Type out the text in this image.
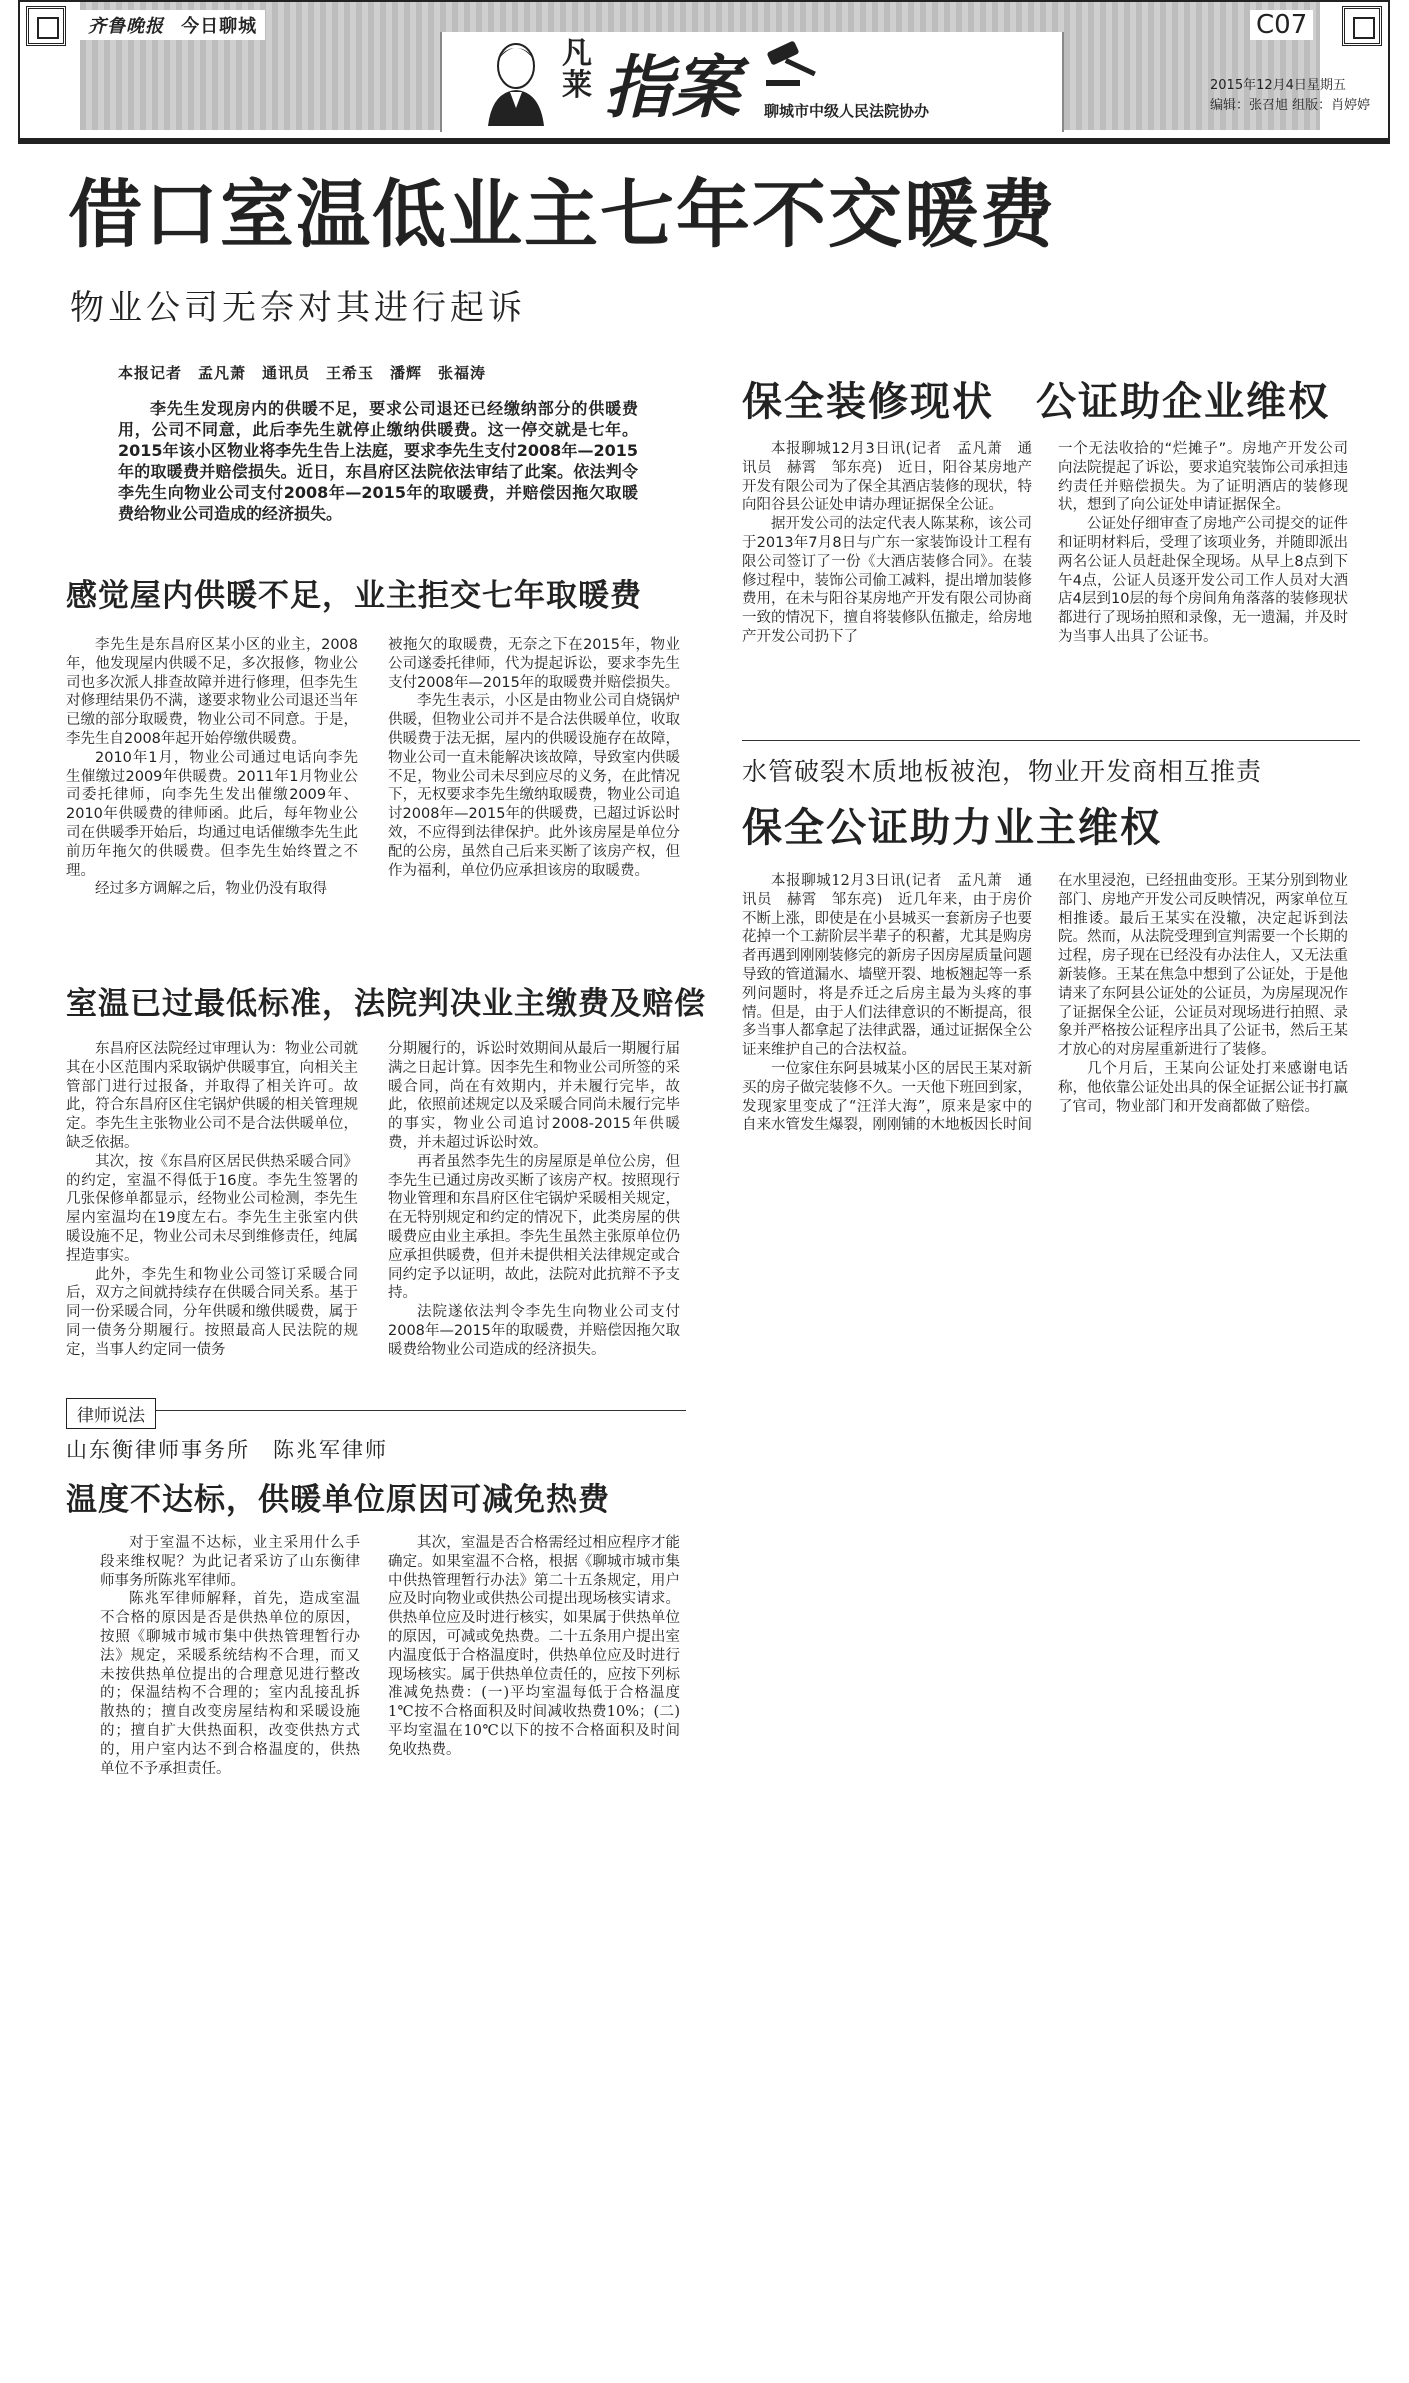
齐鲁晚报 今日聊城	C07
凡
莱 指案 聊城市中级人民法院协办
2015年12月4日星期五
编辑：张召旭 组版：肖婷婷
借口室温低业主七年不交暖费
物业公司无奈对其进行起诉
本报记者　孟凡萧　通讯员　王希玉　潘辉　张福涛

李先生发现房内的供暖不足，要求公司退还已经缴纳部分的供暖费用，公司不同意，此后李先生就停止缴纳供暖费。这一停交就是七年。2015年该小区物业将李先生告上法庭，要求李先生支付2008年—2015年的取暖费并赔偿损失。近日，东昌府区法院依法审结了此案。依法判令李先生向物业公司支付2008年—2015年的取暖费，并赔偿因拖欠取暖费给物业公司造成的经济损失。

感觉屋内供暖不足，业主拒交七年取暖费

李先生是东昌府区某小区的业主，2008年，他发现屋内供暖不足，多次报修，物业公司也多次派人排查故障并进行修理，但李先生对修理结果仍不满，遂要求物业公司退还当年已缴的部分取暖费，物业公司不同意。于是，李先生自2008年起开始停缴供暖费。

2010年1月，物业公司通过电话向李先生催缴过2009年供暖费。2011年1月物业公司委托律师，向李先生发出催缴2009年、2010年供暖费的律师函。此后，每年物业公司在供暖季开始后，均通过电话催缴李先生此前历年拖欠的供暖费。但李先生始终置之不理。

经过多方调解之后，物业仍没有取得

被拖欠的取暖费，无奈之下在2015年，物业公司遂委托律师，代为提起诉讼，要求李先生支付2008年—2015年的取暖费并赔偿损失。

李先生表示，小区是由物业公司自烧锅炉供暖，但物业公司并不是合法供暖单位，收取供暖费于法无据，屋内的供暖设施存在故障，物业公司一直未能解决该故障，导致室内供暖不足，物业公司未尽到应尽的义务，在此情况下，无权要求李先生缴纳取暖费，物业公司追讨2008年—2015年的供暖费，已超过诉讼时效，不应得到法律保护。此外该房屋是单位分配的公房，虽然自己后来买断了该房产权，但作为福利，单位仍应承担该房的取暖费。

室温已过最低标准，法院判决业主缴费及赔偿

东昌府区法院经过审理认为：物业公司就其在小区范围内采取锅炉供暖事宜，向相关主管部门进行过报备，并取得了相关许可。故此，符合东昌府区住宅锅炉供暖的相关管理规定。李先生主张物业公司不是合法供暖单位，缺乏依据。

其次，按《东昌府区居民供热采暖合同》的约定，室温不得低于16度。李先生签署的几张保修单都显示，经物业公司检测，李先生屋内室温均在19度左右。李先生主张室内供暖设施不足，物业公司未尽到维修责任，纯属捏造事实。

此外，李先生和物业公司签订采暖合同后，双方之间就持续存在供暖合同关系。基于同一份采暖合同，分年供暖和缴供暖费，属于同一债务分期履行。按照最高人民法院的规定，当事人约定同一债务

分期履行的，诉讼时效期间从最后一期履行届满之日起计算。因李先生和物业公司所签的采暖合同，尚在有效期内，并未履行完毕，故此，依照前述规定以及采暖合同尚未履行完毕的事实，物业公司追讨2008-2015年供暖费，并未超过诉讼时效。

再者虽然李先生的房屋原是单位公房，但李先生已通过房改买断了该房产权。按照现行物业管理和东昌府区住宅锅炉采暖相关规定，在无特别规定和约定的情况下，此类房屋的供暖费应由业主承担。李先生虽然主张原单位仍应承担供暖费，但并未提供相关法律规定或合同约定予以证明，故此，法院对此抗辩不予支持。

法院遂依法判令李先生向物业公司支付2008年—2015年的取暖费，并赔偿因拖欠取暖费给物业公司造成的经济损失。

律师说法
山东衡律师事务所　陈兆军律师
温度不达标，供暖单位原因可减免热费

对于室温不达标，业主采用什么手段来维权呢？为此记者采访了山东衡律师事务所陈兆军律师。

陈兆军律师解释，首先，造成室温不合格的原因是否是供热单位的原因，按照《聊城市城市集中供热管理暂行办法》规定，采暖系统结构不合理，而又未按供热单位提出的合理意见进行整改的；保温结构不合理的；室内乱接乱拆散热的；擅自改变房屋结构和采暖设施的；擅自扩大供热面积，改变供热方式的，用户室内达不到合格温度的，供热单位不予承担责任。

其次，室温是否合格需经过相应程序才能确定。如果室温不合格，根据《聊城市城市集中供热管理暂行办法》第二十五条规定，用户应及时向物业或供热公司提出现场核实请求。供热单位应及时进行核实，如果属于供热单位的原因，可减或免热费。二十五条用户提出室内温度低于合格温度时，供热单位应及时进行现场核实。属于供热单位责任的，应按下列标准减免热费：(一)平均室温每低于合格温度1℃按不合格面积及时间减收热费10%；(二)平均室温在10℃以下的按不合格面积及时间免收热费。

保全装修现状　公证助企业维权

本报聊城12月3日讯(记者　孟凡萧　通讯员　赫霄　邹东亮)　近日，阳谷某房地产开发有限公司为了保全其酒店装修的现状，特向阳谷县公证处申请办理证据保全公证。

据开发公司的法定代表人陈某称，该公司于2013年7月8日与广东一家装饰设计工程有限公司签订了一份《大酒店装修合同》。在装修过程中，装饰公司偷工减料，提出增加装修费用，在未与阳谷某房地产开发有限公司协商一致的情况下，擅自将装修队伍撤走，给房地产开发公司扔下了

一个无法收拾的“烂摊子”。房地产开发公司向法院提起了诉讼，要求追究装饰公司承担违约责任并赔偿损失。为了证明酒店的装修现状，想到了向公证处申请证据保全。

公证处仔细审查了房地产公司提交的证件和证明材料后，受理了该项业务，并随即派出两名公证人员赶赴保全现场。从早上8点到下午4点，公证人员逐开发公司工作人员对大酒店4层到10层的每个房间角角落落的装修现状都进行了现场拍照和录像，无一遗漏，并及时为当事人出具了公证书。

水管破裂木质地板被泡，物业开发商相互推责
保全公证助力业主维权

本报聊城12月3日讯(记者　孟凡萧　通讯员　赫霄　邹东亮)　近几年来，由于房价不断上涨，即使是在小县城买一套新房子也要花掉一个工薪阶层半辈子的积蓄，尤其是购房者再遇到刚刚装修完的新房子因房屋质量问题导致的管道漏水、墙壁开裂、地板翘起等一系列问题时，将是乔迁之后房主最为头疼的事情。但是，由于人们法律意识的不断提高，很多当事人都拿起了法律武器，通过证据保全公证来维护自己的合法权益。

一位家住东阿县城某小区的居民王某对新买的房子做完装修不久。一天他下班回到家，发现家里变成了“汪洋大海”，原来是家中的自来水管发生爆裂，刚刚铺的木地板因长时间

在水里浸泡，已经扭曲变形。王某分别到物业部门、房地产开发公司反映情况，两家单位互相推诿。最后王某实在没辙，决定起诉到法院。然而，从法院受理到宣判需要一个长期的过程，房子现在已经没有办法住人，又无法重新装修。王某在焦急中想到了公证处，于是他请来了东阿县公证处的公证员，为房屋现况作了证据保全公证，公证员对现场进行拍照、录象并严格按公证程序出具了公证书，然后王某才放心的对房屋重新进行了装修。

几个月后，王某向公证处打来感谢电话称，他依靠公证处出具的保全证据公证书打赢了官司，物业部门和开发商都做了赔偿。
